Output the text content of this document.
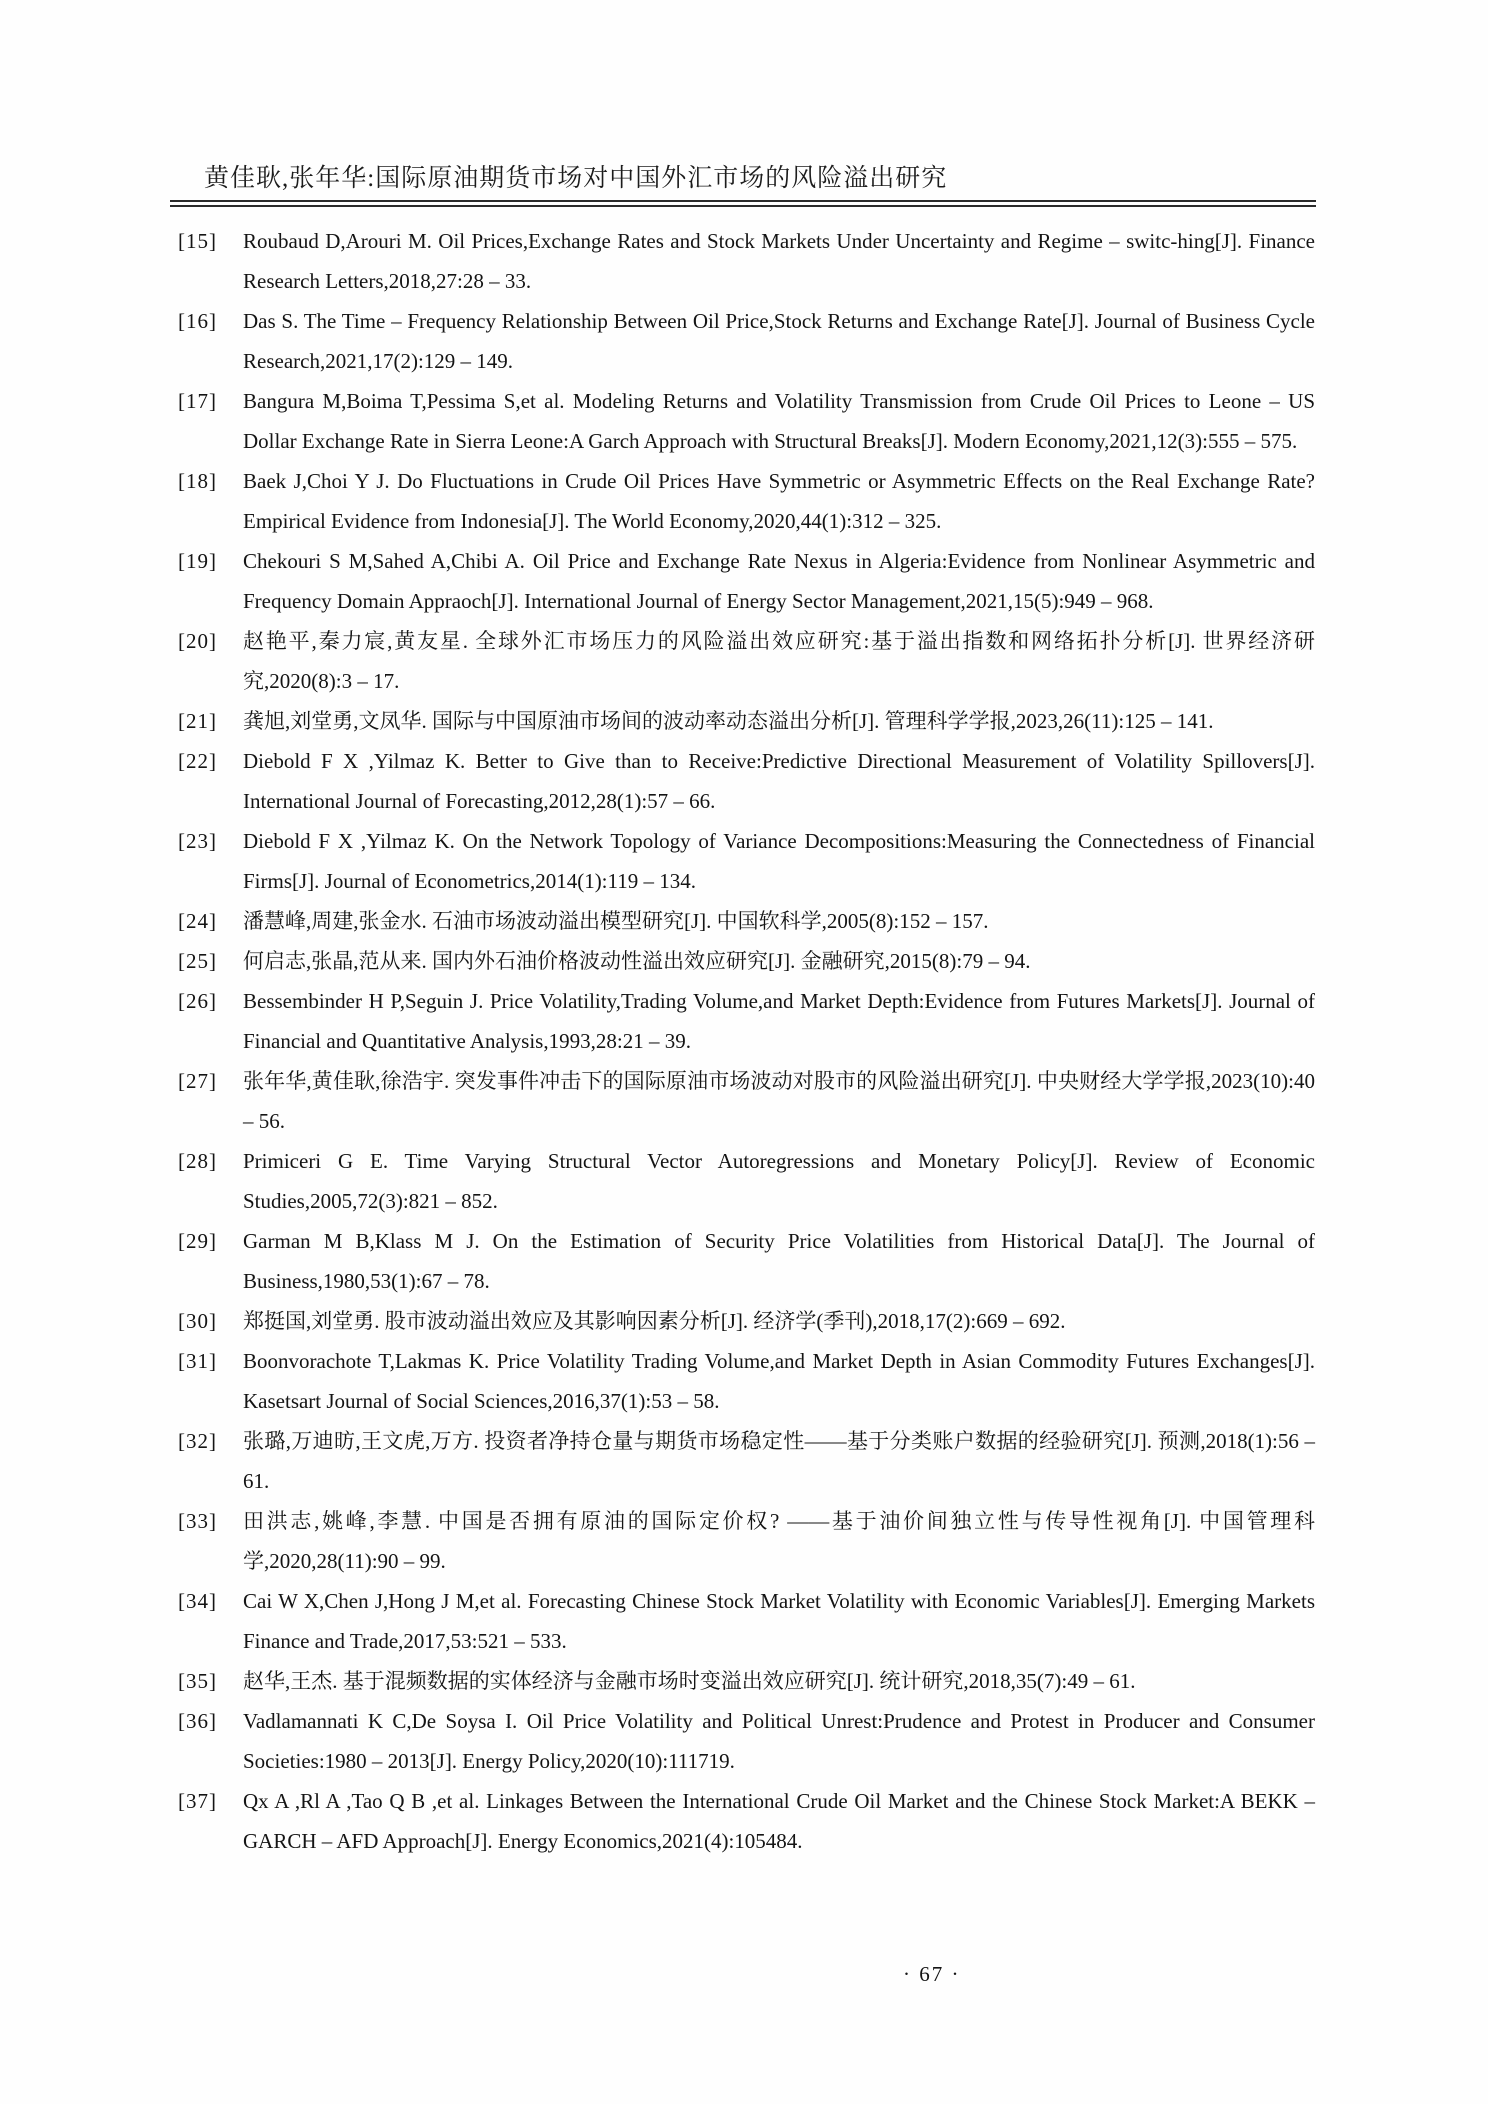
黄佳耿,张年华:国际原油期货市场对中国外汇市场的风险溢出研究
[15] Roubaud D,Arouri M. Oil Prices,Exchange Rates and Stock Markets Under Uncertainty and Regime – switc-hing[J]. Finance Research Letters,2018,27:28 – 33.
[16] Das S. The Time – Frequency Relationship Between Oil Price,Stock Returns and Exchange Rate[J]. Journal of Business Cycle Research,2021,17(2):129 – 149.
[17] Bangura M,Boima T,Pessima S,et al. Modeling Returns and Volatility Transmission from Crude Oil Prices to Leone – US Dollar Exchange Rate in Sierra Leone:A Garch Approach with Structural Breaks[J]. Modern Economy,2021,12(3):555 – 575.
[18] Baek J,Choi Y J. Do Fluctuations in Crude Oil Prices Have Symmetric or Asymmetric Effects on the Real Exchange Rate? Empirical Evidence from Indonesia[J]. The World Economy,2020,44(1):312 – 325.
[19] Chekouri S M,Sahed A,Chibi A. Oil Price and Exchange Rate Nexus in Algeria:Evidence from Nonlinear Asymmetric and Frequency Domain Appraoch[J]. International Journal of Energy Sector Management,2021,15(5):949 – 968.
[20] 赵艳平,秦力宸,黄友星. 全球外汇市场压力的风险溢出效应研究:基于溢出指数和网络拓扑分析[J]. 世界经济研究,2020(8):3 – 17.
[21] 龚旭,刘堂勇,文凤华. 国际与中国原油市场间的波动率动态溢出分析[J]. 管理科学学报,2023,26(11):125 – 141.
[22] Diebold F X ,Yilmaz K. Better to Give than to Receive:Predictive Directional Measurement of Volatility Spillovers[J]. International Journal of Forecasting,2012,28(1):57 – 66.
[23] Diebold F X ,Yilmaz K. On the Network Topology of Variance Decompositions:Measuring the Connectedness of Financial Firms[J]. Journal of Econometrics,2014(1):119 – 134.
[24] 潘慧峰,周建,张金水. 石油市场波动溢出模型研究[J]. 中国软科学,2005(8):152 – 157.
[25] 何启志,张晶,范从来. 国内外石油价格波动性溢出效应研究[J]. 金融研究,2015(8):79 – 94.
[26] Bessembinder H P,Seguin J. Price Volatility,Trading Volume,and Market Depth:Evidence from Futures Markets[J]. Journal of Financial and Quantitative Analysis,1993,28:21 – 39.
[27] 张年华,黄佳耿,徐浩宇. 突发事件冲击下的国际原油市场波动对股市的风险溢出研究[J]. 中央财经大学学报,2023(10):40 – 56.
[28] Primiceri G E. Time Varying Structural Vector Autoregressions and Monetary Policy[J]. Review of Economic Studies,2005,72(3):821 – 852.
[29] Garman M B,Klass M J. On the Estimation of Security Price Volatilities from Historical Data[J]. The Journal of Business,1980,53(1):67 – 78.
[30] 郑挺国,刘堂勇. 股市波动溢出效应及其影响因素分析[J]. 经济学(季刊),2018,17(2):669 – 692.
[31] Boonvorachote T,Lakmas K. Price Volatility Trading Volume,and Market Depth in Asian Commodity Futures Exchanges[J]. Kasetsart Journal of Social Sciences,2016,37(1):53 – 58.
[32] 张璐,万迪昉,王文虎,万方. 投资者净持仓量与期货市场稳定性——基于分类账户数据的经验研究[J]. 预测,2018(1):56 – 61.
[33] 田洪志,姚峰,李慧. 中国是否拥有原油的国际定价权? ——基于油价间独立性与传导性视角[J]. 中国管理科学,2020,28(11):90 – 99.
[34] Cai W X,Chen J,Hong J M,et al. Forecasting Chinese Stock Market Volatility with Economic Variables[J]. Emerging Markets Finance and Trade,2017,53:521 – 533.
[35] 赵华,王杰. 基于混频数据的实体经济与金融市场时变溢出效应研究[J]. 统计研究,2018,35(7):49 – 61.
[36] Vadlamannati K C,De Soysa I. Oil Price Volatility and Political Unrest:Prudence and Protest in Producer and Consumer Societies:1980 – 2013[J]. Energy Policy,2020(10):111719.
[37] Qx A ,Rl A ,Tao Q B ,et al. Linkages Between the International Crude Oil Market and the Chinese Stock Market:A BEKK – GARCH – AFD Approach[J]. Energy Economics,2021(4):105484.
· 67 ·
